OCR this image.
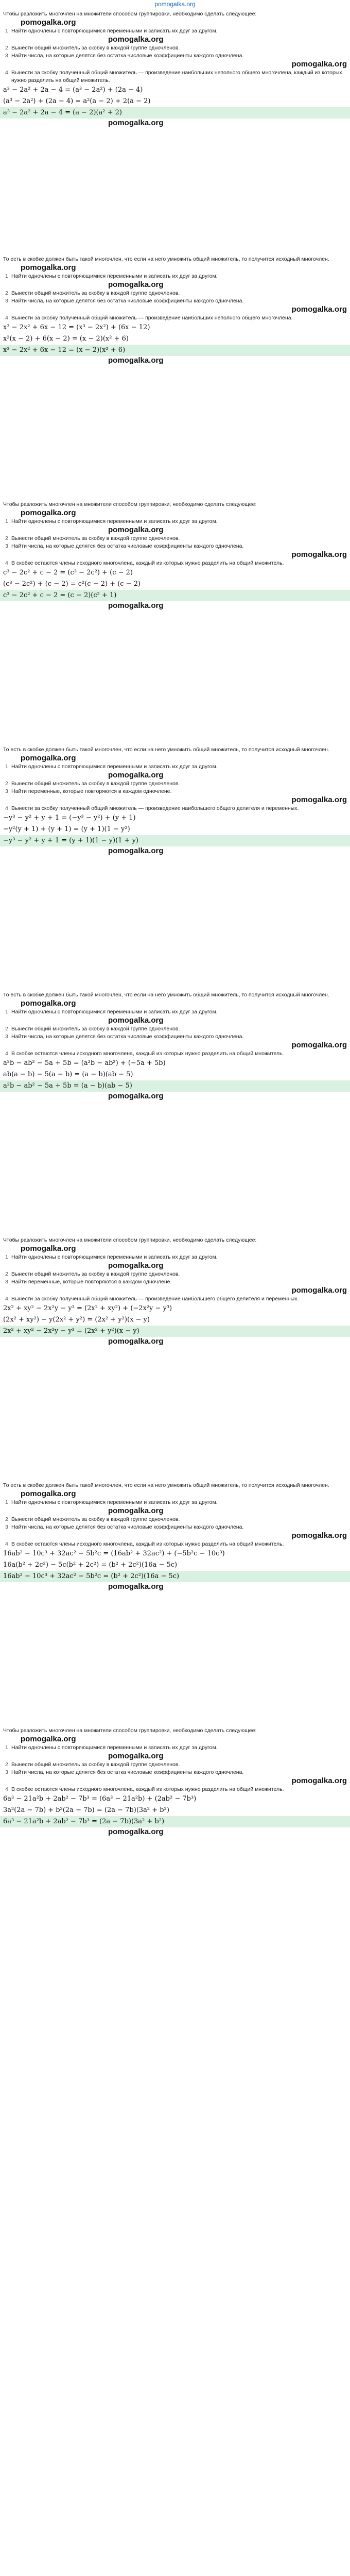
pomogalka.org

Чтобы разложить многочлен на множители способом группировки, необходимо сделать следующее:

pomogalka.org
1 Найти одночлены с повторяющимися переменными и записать их друг за другом.
pomogalka.org
2 Вынести общий множитель за скобку в каждой группе одночленов.
3 Найти числа, на которые делятся без остатка числовые коэффициенты каждого одночлена.
pomogalka.org
4 Вынести за скобку полученный общий множитель — произведение наибольших неполного общего многочлена, каждый из которых нужно разделить на общий множитель.
a³ − 2a² + 2a − 4 = (a³ − 2a²) + (2a − 4)
(a³ − 2a²) + (2a − 4) = a²(a − 2) + 2(a − 2)
a³ − 2a² + 2a − 4 = (a − 2)(a² + 2)
pomogalka.org

То есть в скобке должен быть такой многочлен, что если на него умножить общий множитель, то получится исходный многочлен.

pomogalka.org
1 Найти одночлены с повторяющимися переменными и записать их друг за другом.
pomogalka.org
2 Вынести общий множитель за скобку в каждой группе одночленов.
3 Найти числа, на которые делятся без остатка числовые коэффициенты каждого одночлена.
pomogalka.org
4 Вынести за скобку полученный общий множитель — произведение наибольших неполного общего многочлена.
x³ − 2x² + 6x − 12 = (x³ − 2x²) + (6x − 12)
x²(x − 2) + 6(x − 2) = (x − 2)(x² + 6)
x³ − 2x² + 6x − 12 = (x − 2)(x² + 6)
pomogalka.org

Чтобы разложить многочлен на множители способом группировки, необходимо сделать следующее:

pomogalka.org
1 Найти одночлены с повторяющимися переменными и записать их друг за другом.
pomogalka.org
2 Вынести общий множитель за скобку в каждой группе одночленов.
3 Найти числа, на которые делятся без остатка числовые коэффициенты каждого одночлена.
pomogalka.org
4 В скобке остаются члены исходного многочлена, каждый из которых нужно разделить на общий множитель.
c³ − 2c² + c − 2 = (c³ − 2c²) + (c − 2)
(c³ − 2c²) + (c − 2) = c²(c − 2) + (c − 2)
c³ − 2c² + c − 2 = (c − 2)(c² + 1)
pomogalka.org

То есть в скобке должен быть такой многочлен, что если на него умножить общий множитель, то получится исходный многочлен.

pomogalka.org
1 Найти одночлены с повторяющимися переменными и записать их друг за другом.
pomogalka.org
2 Вынести общий множитель за скобку в каждой группе одночленов.
3 Найти переменные, которые повторяются в каждом одночлене.
pomogalka.org
4 Вынести за скобку полученный общий множитель — произведение наибольшего общего делителя и переменных.
−y³ − y² + y + 1 = (−y³ − y²) + (y + 1)
−y²(y + 1) + (y + 1) = (y + 1)(1 − y²)
−y³ − y² + y + 1 = (y + 1)(1 − y)(1 + y)
pomogalka.org

То есть в скобке должен быть такой многочлен, что если на него умножить общий множитель, то получится исходный многочлен.

pomogalka.org
1 Найти одночлены с повторяющимися переменными и записать их друг за другом.
pomogalka.org
2 Вынести общий множитель за скобку в каждой группе одночленов.
3 Найти числа, на которые делятся без остатка числовые коэффициенты каждого одночлена.
pomogalka.org
4 В скобке остаются члены исходного многочлена, каждый из которых нужно разделить на общий множитель.
a²b − ab² − 5a + 5b = (a²b − ab²) + (−5a + 5b)
ab(a − b) − 5(a − b) = (a − b)(ab − 5)
a²b − ab² − 5a + 5b = (a − b)(ab − 5)
pomogalka.org

Чтобы разложить многочлен на множители способом группировки, необходимо сделать следующее:

pomogalka.org
1 Найти одночлены с повторяющимися переменными и записать их друг за другом.
pomogalka.org
2 Вынести общий множитель за скобку в каждой группе одночленов.
3 Найти переменные, которые повторяются в каждом одночлене.
pomogalka.org
4 Вынести за скобку полученный общий множитель — произведение наибольшего общего делителя и переменных.
2x² + xy² − 2x²y − y³ = (2x² + xy²) + (−2x²y − y³)
(2x² + xy²) − y(2x² + y²) = (2x² + y²)(x − y)
2x² + xy² − 2x²y − y³ = (2x² + y²)(x − y)
pomogalka.org

То есть в скобке должен быть такой многочлен, что если на него умножить общий множитель, то получится исходный многочлен.

pomogalka.org
1 Найти одночлены с повторяющимися переменными и записать их друг за другом.
pomogalka.org
2 Вынести общий множитель за скобку в каждой группе одночленов.
3 Найти числа, на которые делятся без остатка числовые коэффициенты каждого одночлена.
pomogalka.org
4 В скобке остаются члены исходного многочлена, каждый из которых нужно разделить на общий множитель.
16ab² − 10c³ + 32ac² − 5b²c = (16ab² + 32ac²) + (−5b²c − 10c³)
16a(b² + 2c²) − 5c(b² + 2c²) = (b² + 2c²)(16a − 5c)
16ab² − 10c³ + 32ac² − 5b²c = (b² + 2c²)(16a − 5c)
pomogalka.org

Чтобы разложить многочлен на множители способом группировки, необходимо сделать следующее:

pomogalka.org
1 Найти одночлены с повторяющимися переменными и записать их друг за другом.
pomogalka.org
2 Вынести общий множитель за скобку в каждой группе одночленов.
3 Найти числа, на которые делятся без остатка числовые коэффициенты каждого одночлена.
pomogalka.org
4 В скобке остаются члены исходного многочлена, каждый из которых нужно разделить на общий множитель.
6a³ − 21a²b + 2ab² − 7b³ = (6a³ − 21a²b) + (2ab² − 7b³)
3a²(2a − 7b) + b²(2a − 7b) = (2a − 7b)(3a² + b²)
6a³ − 21a²b + 2ab² − 7b³ = (2a − 7b)(3a² + b²)
pomogalka.org
